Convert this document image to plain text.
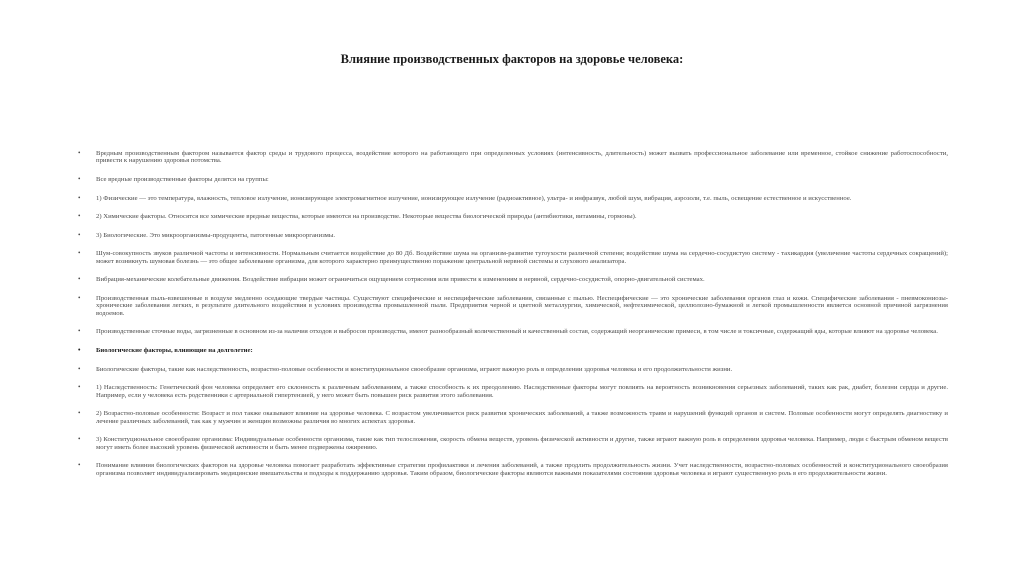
Влияние производственных факторов на здоровье человека:
• Вредным производственным фактором называется фактор среды и трудового процесса, воздействие которого на работающего при определенных условиях (интенсивность, длительность) может вызвать профессиональное заболевание или временное, стойкое снижение работоспособности, привести к нарушению здоровья потомства.
• Все вредные производственные факторы делятся на группы:
• 1) Физические — это температура, влажность, тепловое излучение, ионизирующее электромагнитное излучение, ионизирующее излучение (радиоактивное), ультра- и инфразвук, любой шум, вибрация, аэрозоли, т.е. пыль, освещение естественное и искусственное.
• 2) Химические факторы. Относятся все химические вредные вещества, которые имеются на производстве. Некоторые вещества биологической природы (антибиотики, витамины, гормоны).
• 3) Биологические. Это микроорганизмы-продуценты, патогенные микроорганизмы.
• Шум-совокупность звуков различной частоты и интенсивности. Нормальным считается воздействие до 80 Дб. Воздействие шума на организм-развитие тугоухости различной степени; воздействие шума на сердечно-сосудистую систему - тахикардия (увеличение частоты сердечных сокращений); может возникнуть шумовая болезнь — это общее заболевание организма, для которого характерно преимущественно поражение центральной нервной системы и слухового анализатора.
• Вибрация-механические колебательные движения. Воздействие вибрации может ограничиться ощущением сотрясения или привести к изменениям в нервной, сердечно-сосудистой, опорно-двигательной системах.
• Производственная пыль-взвешенные в воздухе медленно оседающие твердые частицы. Существуют специфические и неспецифические заболевания, связанные с пылью. Неспецифические — это хронические заболевания органов глаз и кожи. Специфические заболевания - пневмокониозы-хронические заболевания легких, в результате длительного воздействия в условиях производства промышленной пыли. Предприятия черной и цветной металлургии, химической, нефтехимической, целлюлозно-бумажной и легкой промышленности является основной причиной загрязнения водоемов.
• Производственные сточные воды, загрязненные в основном из-за наличия отходов и выбросов производства, имеют разнообразный количественный и качественный состав, содержащий неорганические примеси, в том числе и токсичные, содержащий яды, которые влияют на здоровье человека.
• Биологические факторы, влияющие на долголетие:
• Биологические факторы, такие как наследственность, возрастно-половые особенности и конституциональное своеобразие организма, играют важную роль в определении здоровья человека и его продолжительности жизни.
• 1) Наследственность: Генетический фон человека определяет его склонность к различным заболеваниям, а также способность к их преодолению. Наследственные факторы могут повлиять на вероятность возникновения серьезных заболеваний, таких как рак, диабет, болезни сердца и другие. Например, если у человека есть родственники с артериальной гипертензией, у него может быть повышен риск развития этого заболевания.
• 2) Возрастно-половые особенности: Возраст и пол также оказывают влияние на здоровье человека. С возрастом увеличивается риск развития хронических заболеваний, а также возможность травм и нарушений функций органов и систем. Половые особенности могут определять диагностику и лечение различных заболеваний, так как у мужчин и женщин возможны различия во многих аспектах здоровья.
• 3) Конституциональное своеобразие организма: Индивидуальные особенности организма, такие как тип телосложения, скорость обмена веществ, уровень физической активности и другие, также играют важную роль в определении здоровья человека. Например, люди с быстрым обменом веществ могут иметь более высокий уровень физической активности и быть менее подвержены ожирению.
• Понимание влияния биологических факторов на здоровье человека помогает разработать эффективные стратегии профилактики и лечения заболеваний, а также продлить продолжительность жизни. Учет наследственности, возрастно-половых особенностей и конституционального своеобразия организма позволяет индивидуализировать медицинские вмешательства и подходы к поддержанию здоровья. Таким образом, биологические факторы являются важными показателями состояния здоровья человека и играют существенную роль в его продолжительности жизни.
